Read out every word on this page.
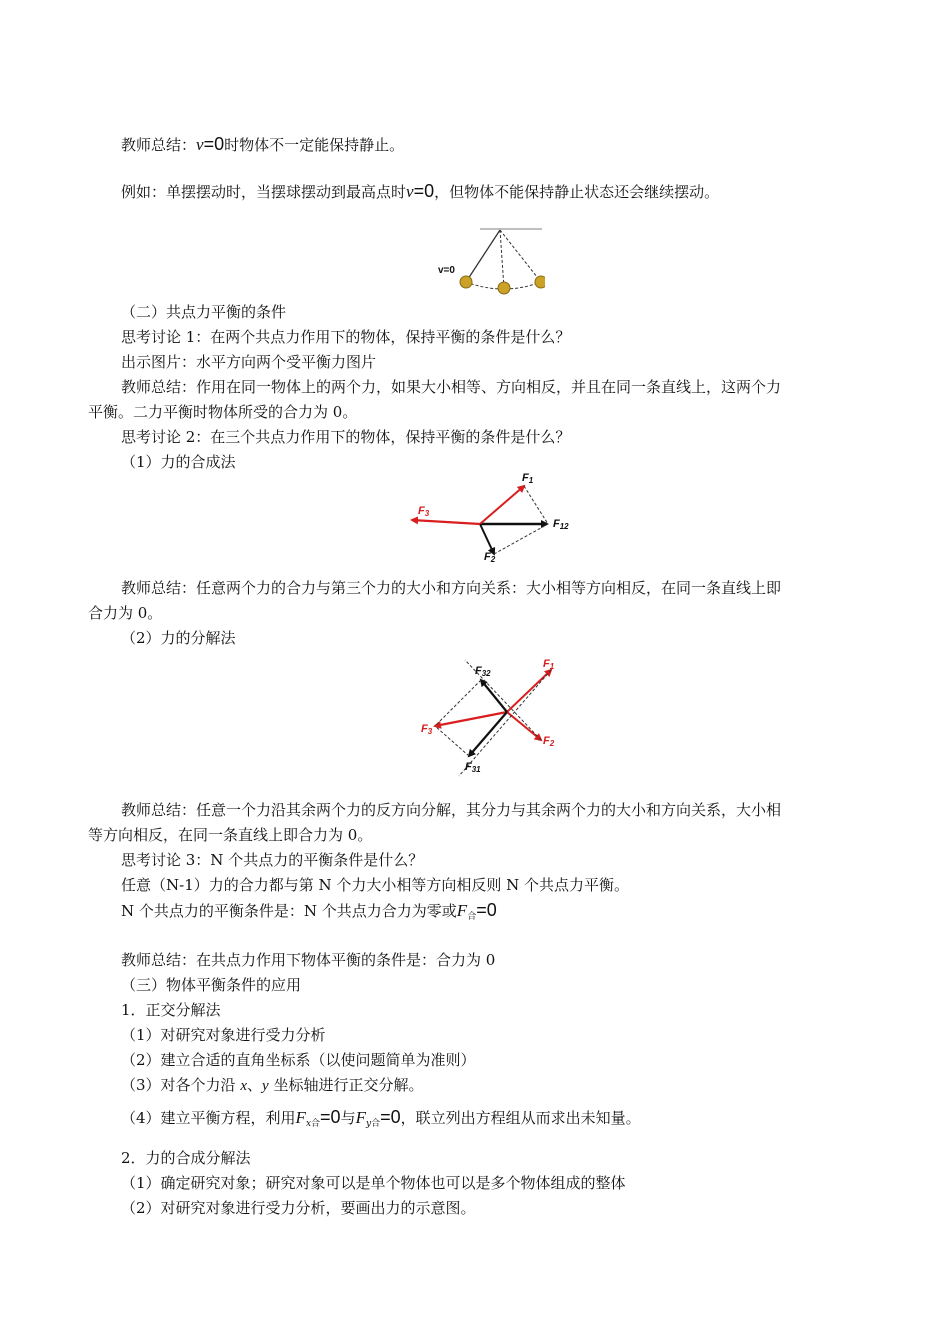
教师总结：v=0时物体不一定能保持静止。
例如：单摆摆动时，当摆球摆动到最高点时v=0，但物体不能保持静止状态还会继续摆动。
v=0
（二）共点力平衡的条件
思考讨论 1：在两个共点力作用下的物体，保持平衡的条件是什么？
出示图片：水平方向两个受平衡力图片
教师总结：作用在同一物体上的两个力，如果大小相等、方向相反，并且在同一条直线上，这两个力
平衡。二力平衡时物体所受的合力为 0。
思考讨论 2：在三个共点力作用下的物体，保持平衡的条件是什么？
（1）力的合成法
F1
F12
F2
F3
教师总结：任意两个力的合力与第三个力的大小和方向关系：大小相等方向相反，在同一条直线上即
合力为 0。
（2）力的分解法
F32
F1
F2
F3
F31
教师总结：任意一个力沿其余两个力的反方向分解，其分力与其余两个力的大小和方向关系，大小相
等方向相反，在同一条直线上即合力为 0。
思考讨论 3：N 个共点力的平衡条件是什么？
任意（N-1）力的合力都与第 N 个力大小相等方向相反则 N 个共点力平衡。
N 个共点力的平衡条件是：N 个共点力合力为零或$F_合=0$
教师总结：在共点力作用下物体平衡的条件是：合力为 0
（三）物体平衡条件的应用
1．正交分解法
（1）对研究对象进行受力分析
（2）建立合适的直角坐标系（以使问题简单为准则）
（3）对各个力沿 x、y 坐标轴进行正交分解。
（4）建立平衡方程，利用$F_{x合}=0$与$F_{y合}=0$，联立列出方程组从而求出未知量。
2．力的合成分解法
（1）确定研究对象；研究对象可以是单个物体也可以是多个物体组成的整体
（2）对研究对象进行受力分析，要画出力的示意图。
